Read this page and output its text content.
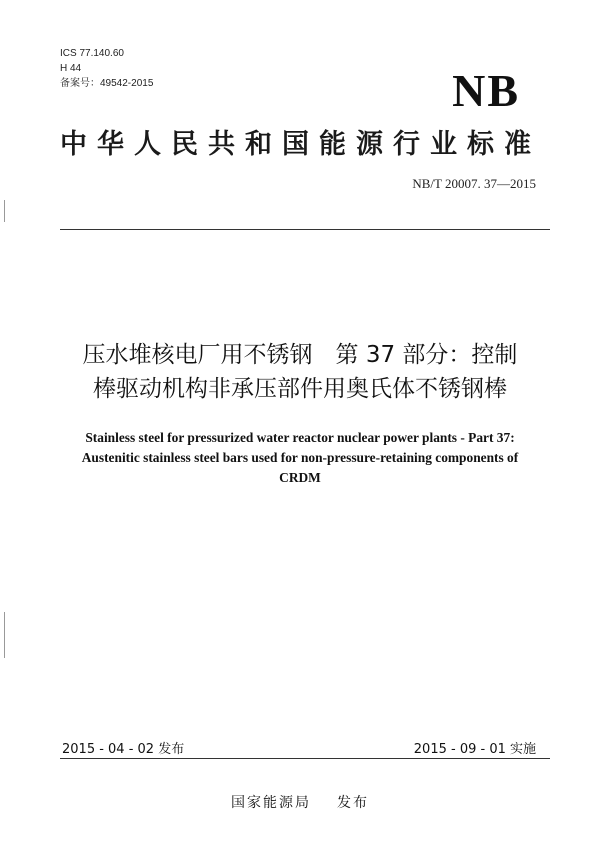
ICS 77.140.60
H 44
备案号：49542-2015	NB
中华人民共和国能源行业标准
NB/T 20007. 37—2015
压水堆核电厂用不锈钢　第 37 部分：控制
棒驱动机构非承压部件用奥氏体不锈钢棒
Stainless steel for pressurized water reactor nuclear power plants - Part 37:
Austenitic stainless steel bars used for non-pressure-retaining components of
CRDM
2015 - 04 - 02 发布	2015 - 09 - 01 实施
国家能源局 发布
